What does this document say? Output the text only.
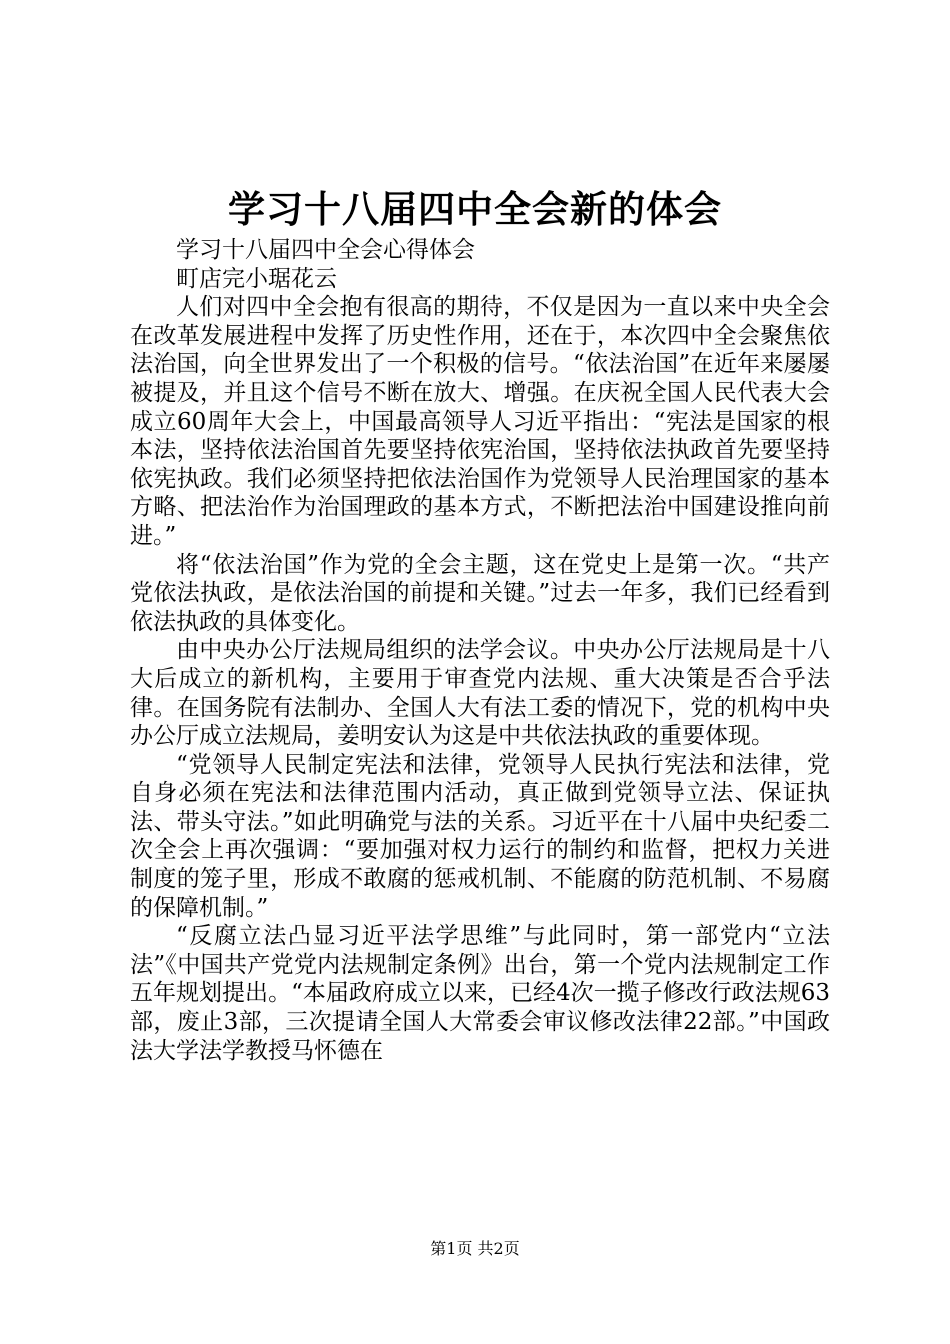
学习十八届四中全会新的体会

学习十八届四中全会心得体会

町店完小琚花云

人们对四中全会抱有很高的期待，不仅是因为一直以来中央全会在改革发展进程中发挥了历史性作用，还在于，本次四中全会聚焦依法治国，向全世界发出了一个积极的信号。“依法治国”在近年来屡屡被提及，并且这个信号不断在放大、增强。在庆祝全国人民代表大会成立60周年大会上，中国最高领导人习近平指出：“宪法是国家的根本法，坚持依法治国首先要坚持依宪治国，坚持依法执政首先要坚持依宪执政。我们必须坚持把依法治国作为党领导人民治理国家的基本方略、把法治作为治国理政的基本方式，不断把法治中国建设推向前进。”

将“依法治国”作为党的全会主题，这在党史上是第一次。“共产党依法执政，是依法治国的前提和关键。”过去一年多，我们已经看到依法执政的具体变化。

由中央办公厅法规局组织的法学会议。中央办公厅法规局是十八大后成立的新机构，主要用于审查党内法规、重大决策是否合乎法律。在国务院有法制办、全国人大有法工委的情况下，党的机构中央办公厅成立法规局，姜明安认为这是中共依法执政的重要体现。

“党领导人民制定宪法和法律，党领导人民执行宪法和法律，党自身必须在宪法和法律范围内活动，真正做到党领导立法、保证执法、带头守法。”如此明确党与法的关系。习近平在十八届中央纪委二次全会上再次强调：“要加强对权力运行的制约和监督，把权力关进制度的笼子里，形成不敢腐的惩戒机制、不能腐的防范机制、不易腐的保障机制。”

“反腐立法凸显习近平法学思维”与此同时，第一部党内“立法法”《中国共产党党内法规制定条例》出台，第一个党内法规制定工作五年规划提出。“本届政府成立以来，已经4次一揽子修改行政法规63部，废止3部，三次提请全国人大常委会审议修改法律22部。”中国政法大学法学教授马怀德在

第1页 共2页
